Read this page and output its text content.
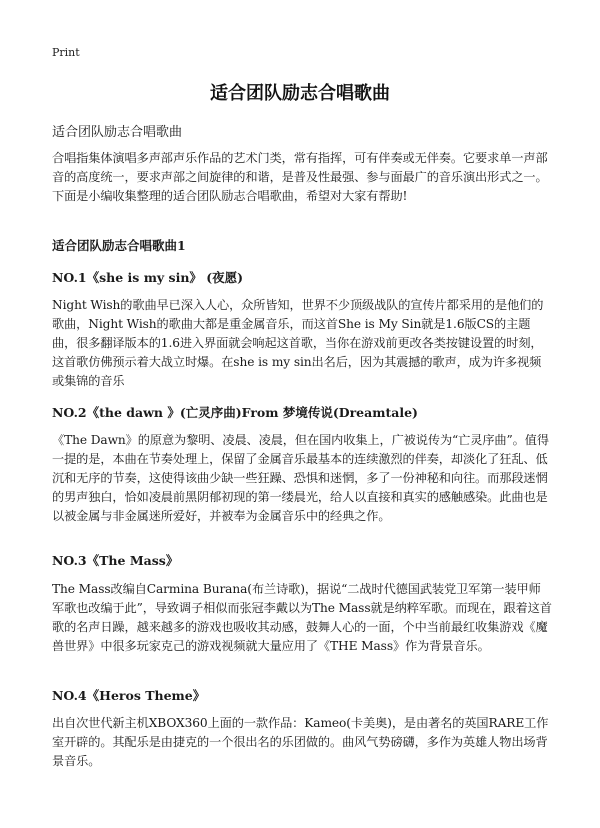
Print
适合团队励志合唱歌曲
适合团队励志合唱歌曲
合唱指集体演唱多声部声乐作品的艺术门类，常有指挥，可有伴奏或无伴奏。它要求单一声部音的高度统一，要求声部之间旋律的和谐，是普及性最强、参与面最广的音乐演出形式之一。下面是小编收集整理的适合团队励志合唱歌曲，希望对大家有帮助!
适合团队励志合唱歌曲1
NO.1《she is my sin》 (夜愿)
Night Wish的歌曲早已深入人心，众所皆知，世界不少顶级战队的宣传片都采用的是他们的歌曲，Night Wish的歌曲大都是重金属音乐，而这首She is My Sin就是1.6版CS的主题曲，很多翻译版本的1.6进入界面就会响起这首歌，当你在游戏前更改各类按键设置的时刻，这首歌仿佛预示着大战立时爆。在she is my sin出名后，因为其震撼的歌声，成为许多视频或集锦的音乐
NO.2《the dawn 》(亡灵序曲)From 梦境传说(Dreamtale)
《The Dawn》的原意为黎明、凌晨、凌晨，但在国内收集上，广被说传为“亡灵序曲”。值得一提的是，本曲在节奏处理上，保留了金属音乐最基本的连续激烈的伴奏，却淡化了狂乱、低沉和无序的节奏，这使得该曲少缺一些狂躁、恐惧和迷惘，多了一份神秘和向往。而那段迷惘的男声独白，恰如凌晨前黑阴郁初现的第一缕晨光，给人以直接和真实的感触感染。此曲也是以被金属与非金属迷所爱好，并被奉为金属音乐中的经典之作。
NO.3《The Mass》
The Mass改编自Carmina Burana(布兰诗歌)，据说“二战时代德国武装党卫军第一装甲师军歌也改编于此”，导致调子相似而张冠李戴以为The Mass就是纳粹军歌。而现在，跟着这首歌的名声日躁，越来越多的游戏也吸收其动感，鼓舞人心的一面，个中当前最红收集游戏《魔兽世界》中很多玩家克己的游戏视频就大量应用了《THE Mass》作为背景音乐。
NO.4《Heros Theme》
出自次世代新主机XBOX360上面的一款作品：Kameo(卡美奥)，是由著名的英国RARE工作室开辟的。其配乐是由捷克的一个很出名的乐团做的。曲风气势磅礴，多作为英雄人物出场背景音乐。
